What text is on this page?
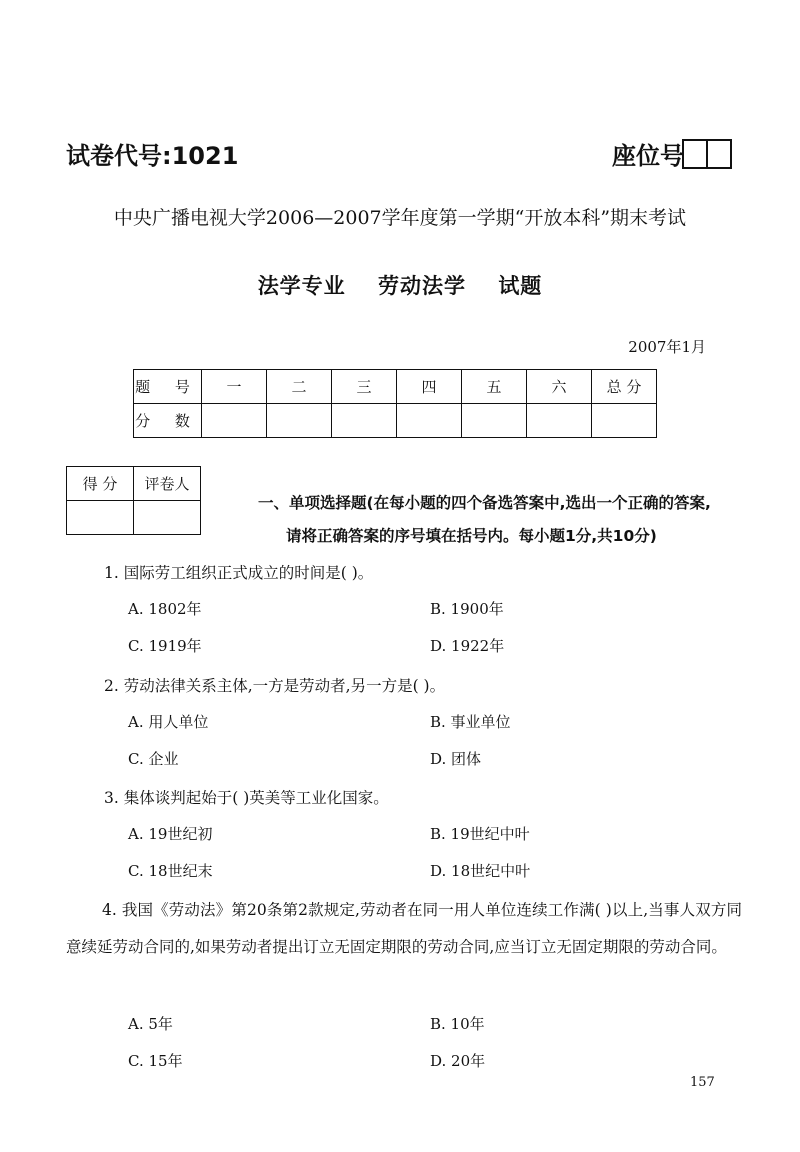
试卷代号:1021	座位号
中央广播电视大学2006—2007学年度第一学期“开放本科”期末考试
法学专业 劳动法学 试题
2007年1月
题 号	一	二	三	四	五	六	总 分
分 数							
得 分	评卷人

一、单项选择题(在每小题的四个备选答案中,选出一个正确的答案,
请将正确答案的序号填在括号内。每小题1分,共10分)
1. 国际劳工组织正式成立的时间是( )。
A. 1802年	B. 1900年
C. 1919年	D. 1922年
2. 劳动法律关系主体,一方是劳动者,另一方是( )。
A. 用人单位	B. 事业单位
C. 企业	D. 团体
3. 集体谈判起始于( )英美等工业化国家。
A. 19世纪初	B. 19世纪中叶
C. 18世纪末	D. 18世纪中叶
4. 我国《劳动法》第20条第2款规定,劳动者在同一用人单位连续工作满( )以上,当事人双方同意续延劳动合同的,如果劳动者提出订立无固定期限的劳动合同,应当订立无固定期限的劳动合同。
A. 5年	B. 10年
C. 15年	D. 20年
157
